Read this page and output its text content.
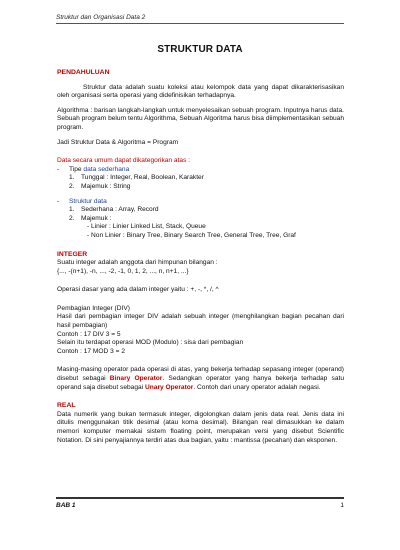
Struktur dan Organisasi Data 2
STRUKTUR DATA

PENDAHULUAN

Struktur data adalah suatu koleksi atau kelompok data yang dapat dikarakterisasikan oleh organisasi serta operasi yang didefinisikan terhadapnya.

Algorithma : barisan langkah-langkah untuk menyelesaikan sebuah program. Inputnya harus data. Sebuah program belum tentu Algorithma, Sebuah Algoritma harus bisa diimplementasikan sebuah program.

Jadi Struktur Data & Algoritma = Program

Data secara umum dapat dikategorikan atas :

-	Tipe data sederhana
1. Tunggal : Integer, Real, Boolean, Karakter
2. Majemuk : String
-	Struktur data
1. Sederhana : Array, Record
2. Majemuk :

- Linier : Linier Linked List, Stack, Queue

- Non Linier : Binary Tree, Binary Search Tree, General Tree, Tree, Graf

INTEGER

Suatu integer adalah anggota dari himpunan bilangan :

{..., -(n+1), -n, ..., -2, -1, 0, 1, 2, ..., n, n+1, ...}

Operasi dasar yang ada dalam integer yaitu : +, -, *, /, ^

Pembagian Integer (DIV)

Hasil dari pembagian integer DIV adalah sebuah integer (menghilangkan bagian pecahan dari hasil pembagian)

Contoh : 17 DIV 3 = 5

Selain itu terdapat operasi MOD (Modulo) : sisa dari pembagian

Contoh : 17 MOD 3 = 2

Masing-masing operator pada operasi di atas, yang bekerja terhadap sepasang integer (operand) disebut sebagai Binary Operator. Sedangkan operator yang hanya bekerja terhadap satu operand saja disebut sebagai Unary Operator. Contoh dari unary operator adalah negasi.

REAL

Data numerik yang bukan termasuk integer, digolongkan dalam jenis data real. Jenis data ini ditulis menggunakan titik desimal (atau koma desimal). Bilangan real dimasukkan ke dalam memori komputer memakai sistem floating point, merupakan versi yang disebut Scientific Notation. Di sini penyajiannya terdiri atas dua bagian, yaitu : mantissa (pecahan) dan eksponen.

BAB 1	1
